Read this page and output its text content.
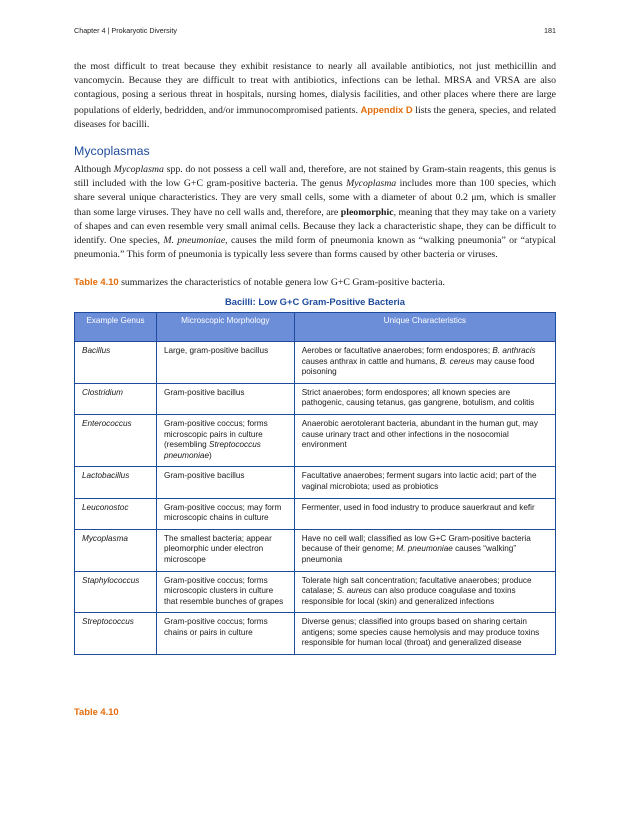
Chapter 4 | Prokaryotic Diversity	181

the most difficult to treat because they exhibit resistance to nearly all available antibiotics, not just methicillin and vancomycin. Because they are difficult to treat with antibiotics, infections can be lethal. MRSA and VRSA are also contagious, posing a serious threat in hospitals, nursing homes, dialysis facilities, and other places where there are large populations of elderly, bedridden, and/or immunocompromised patients. Appendix D lists the genera, species, and related diseases for bacilli.

Mycoplasmas

Although Mycoplasma spp. do not possess a cell wall and, therefore, are not stained by Gram-stain reagents, this genus is still included with the low G+C gram-positive bacteria. The genus Mycoplasma includes more than 100 species, which share several unique characteristics. They are very small cells, some with a diameter of about 0.2 μm, which is smaller than some large viruses. They have no cell walls and, therefore, are pleomorphic, meaning that they may take on a variety of shapes and can even resemble very small animal cells. Because they lack a characteristic shape, they can be difficult to identify. One species, M. pneumoniae, causes the mild form of pneumonia known as “walking pneumonia” or “atypical pneumonia.” This form of pneumonia is typically less severe than forms caused by other bacteria or viruses.

Table 4.10 summarizes the characteristics of notable genera low G+C Gram-positive bacteria.

Bacilli: Low G+C Gram-Positive Bacteria
Example Genus	Microscopic Morphology	Unique Characteristics
Bacillus	Large, gram-positive bacillus	Aerobes or facultative anaerobes; form endospores; B. anthracis causes anthrax in cattle and humans, B. cereus may cause food poisoning
Clostridium	Gram-positive bacillus	Strict anaerobes; form endospores; all known species are pathogenic, causing tetanus, gas gangrene, botulism, and colitis
Enterococcus	Gram-positive coccus; forms microscopic pairs in culture (resembling Streptococcus pneumoniae)	Anaerobic aerotolerant bacteria, abundant in the human gut, may cause urinary tract and other infections in the nosocomial environment
Lactobacillus	Gram-positive bacillus	Facultative anaerobes; ferment sugars into lactic acid; part of the vaginal microbiota; used as probiotics
Leuconostoc	Gram-positive coccus; may form microscopic chains in culture	Fermenter, used in food industry to produce sauerkraut and kefir
Mycoplasma	The smallest bacteria; appear pleomorphic under electron microscope	Have no cell wall; classified as low G+C Gram-positive bacteria because of their genome; M. pneumoniae causes “walking” pneumonia
Staphylococcus	Gram-positive coccus; forms microscopic clusters in culture that resemble bunches of grapes	Tolerate high salt concentration; facultative anaerobes; produce catalase; S. aureus can also produce coagulase and toxins responsible for local (skin) and generalized infections
Streptococcus	Gram-positive coccus; forms chains or pairs in culture	Diverse genus; classified into groups based on sharing certain antigens; some species cause hemolysis and may produce toxins responsible for human local (throat) and generalized disease
Table 4.10
